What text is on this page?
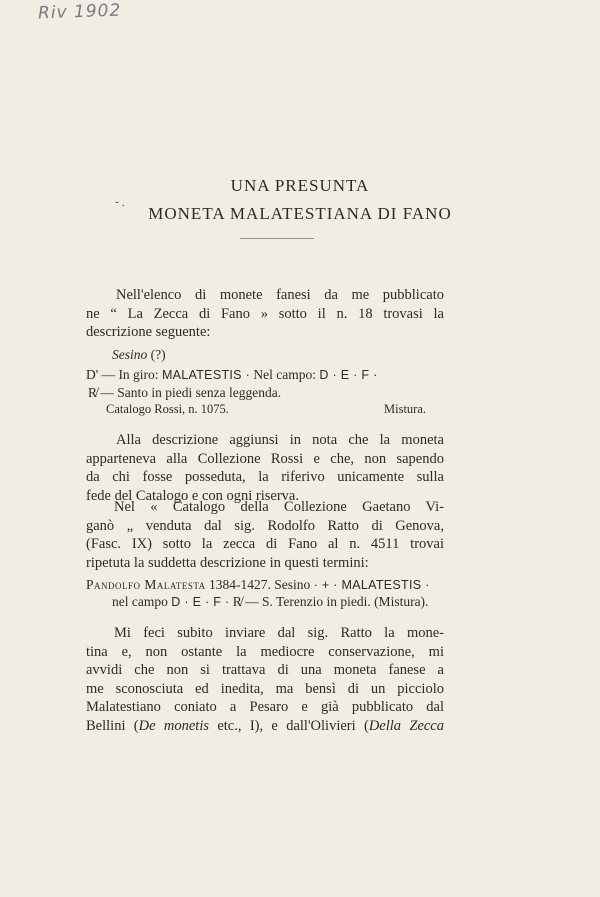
Riv 1902
UNA PRESUNTA
ˇ ·	MONETA MALATESTIANA DI FANO
Nell'elenco di monete fanesi da me pubblicato
ne “ La Zecca di Fano » sotto il n. 18 trovasi la
descrizione seguente:
Sesino (?)
D' — In giro: MALATESTIS · Nel campo: D · E · F ·
R̸ — Santo in piedi senza leggenda.
Catalogo Rossi, n. 1075.	Mistura.
Alla descrizione aggiunsi in nota che la moneta
apparteneva alla Collezione Rossi e che, non sapendo
da chi fosse posseduta, la riferivo unicamente sulla
fede del Catalogo e con ogni riserva.
Nel « Catalogo della Collezione Gaetano Vi-
ganò „ venduta dal sig. Rodolfo Ratto di Genova,
(Fasc. IX) sotto la zecca di Fano al n. 4511 trovai
ripetuta la suddetta descrizione in questi termini:
Pandolfo Malatesta 1384-1427. Sesino · + · MALATESTIS ·
nel campo D · E · F · R̸ — S. Terenzio in piedi. (Mistura).
Mi feci subito inviare dal sig. Ratto la mone-
tina e, non ostante la mediocre conservazione, mi
avvidi che non si trattava di una moneta fanese a
me sconosciuta ed inedita, ma bensì di un picciolo
Malatestiano coniato a Pesaro e già pubblicato dal
Bellini (De monetis etc., I), e dall'Olivieri (Della Zecca
